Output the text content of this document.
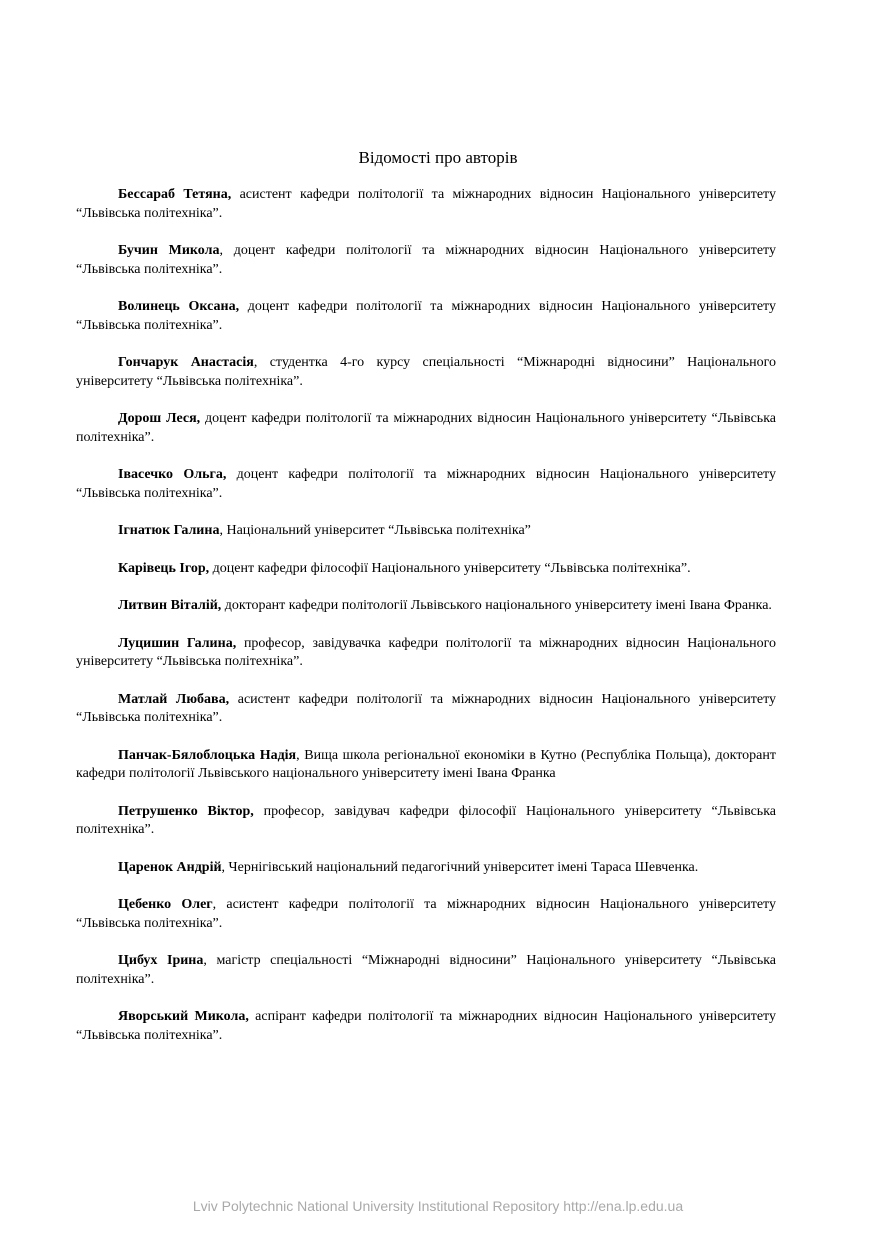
Відомості про авторів

Бессараб Тетяна, асистент кафедри політології та міжнародних відносин Національного університету “Львівська політехніка”.

Бучин Микола, доцент кафедри політології та міжнародних відносин Національного університету “Львівська політехніка”.

Волинець Оксана, доцент кафедри політології та міжнародних відносин Національного університету “Львівська політехніка”.

Гончарук Анастасія, студентка 4-го курсу спеціальності “Міжнародні відносини” Національного університету “Львівська політехніка”.

Дорош Леся, доцент кафедри політології та міжнародних відносин Національного університету “Львівська політехніка”.

Івасечко Ольга, доцент кафедри політології та міжнародних відносин Національного університету “Львівська політехніка”.

Ігнатюк Галина, Національний університет “Львівська політехніка”

Карівець Ігор, доцент кафедри філософії Національного університету “Львівська політехніка”.

Литвин Віталій, докторант кафедри політології Львівського національного університету імені Івана Франка.

Луцишин Галина, професор, завідувачка кафедри політології та міжнародних відносин Національного університету “Львівська політехніка”.

Матлай Любава, асистент кафедри політології та міжнародних відносин Національного університету “Львівська політехніка”.

Панчак-Бялоблоцька Надія, Вища школа регіональної економіки в Кутно (Республіка Польща), докторант кафедри політології Львівського національного університету імені Івана Франка

Петрушенко Віктор, професор, завідувач кафедри філософії Національного університету “Львівська політехніка”.

Царенок Андрій, Чернігівський національний педагогічний університет імені Тараса Шевченка.

Цебенко Олег, асистент кафедри політології та міжнародних відносин Національного університету “Львівська політехніка”.

Цибух Ірина, магістр спеціальності “Міжнародні відносини” Національного університету “Львівська політехніка”.

Яворський Микола, аспірант кафедри політології та міжнародних відносин Національного університету “Львівська політехніка”.

Lviv Polytechnic National University Institutional Repository http://ena.lp.edu.ua
